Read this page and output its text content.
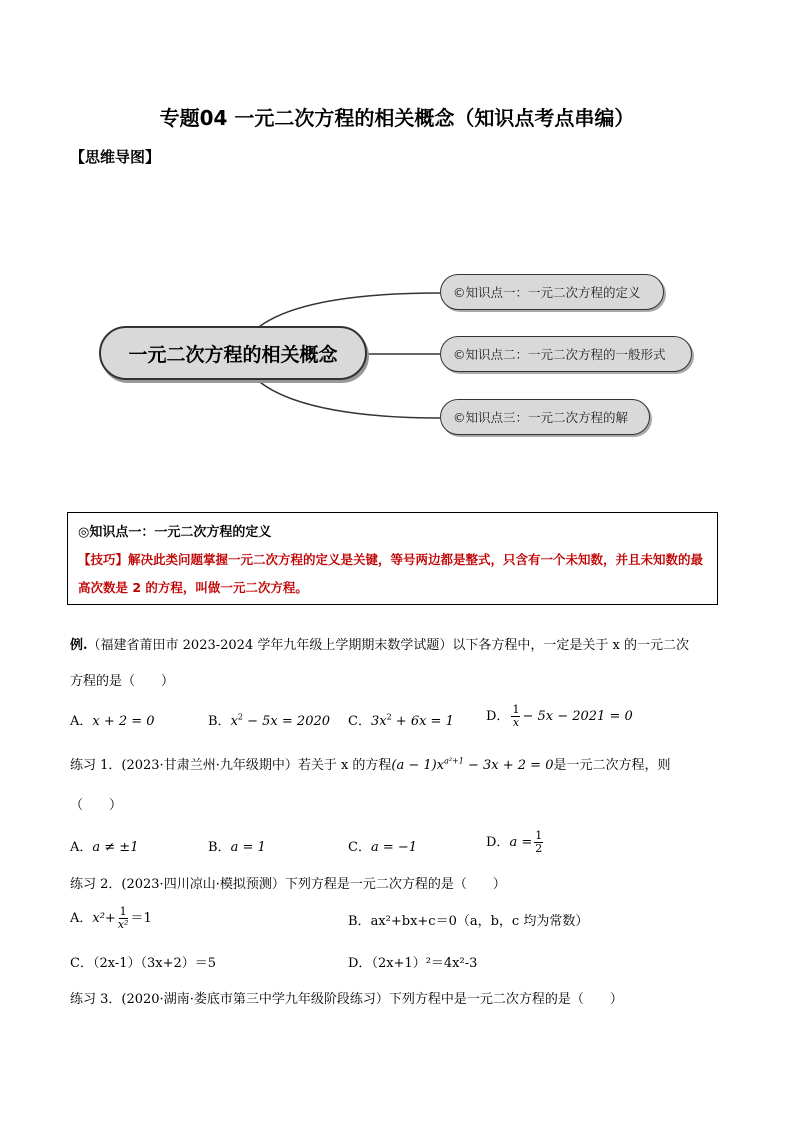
专题04 一元二次方程的相关概念（知识点考点串编）
【思维导图】
一元二次方程的相关概念
©知识点一：一元二次方程的定义
©知识点二：一元二次方程的一般形式
©知识点三：一元二次方程的解
◎知识点一：一元二次方程的定义
【技巧】解决此类问题掌握一元二次方程的定义是关键，等号两边都是整式，只含有一个未知数，并且未知数的最高次数是 2 的方程，叫做一元二次方程。
例.（福建省莆田市 2023-2024 学年九年级上学期期末数学试题）以下各方程中，一定是关于 x 的一元二次
方程的是（　　）
A．x + 2 = 0	B．$x^2 - 5x = 2020$ C．$3x^2 + 6x = 1$ D． $\frac{1}{x} - 5x - 2021 = 0$
练习 1．(2023·甘肃兰州·九年级期中）若关于 x 的方程$(a - 1)x^{a^2+1} - 3x + 2 = 0$是一元二次方程，则
（　　）
A．a ≠ ±1	B．a = 1	C．a = −1	D．$a = \frac{1}{2}$
练习 2．(2023·四川凉山·模拟预测）下列方程是一元二次方程的是（　　）
A．$x^2+ \frac{1}{\text{x²}} =1$	B．ax²+bx+c＝0（a，b，c 均为常数）
C．（2x-1）（3x+2）＝5	D．（2x+1）²＝4x²-3
练习 3．(2020·湖南·娄底市第三中学九年级阶段练习）下列方程中是一元二次方程的是（　　）
